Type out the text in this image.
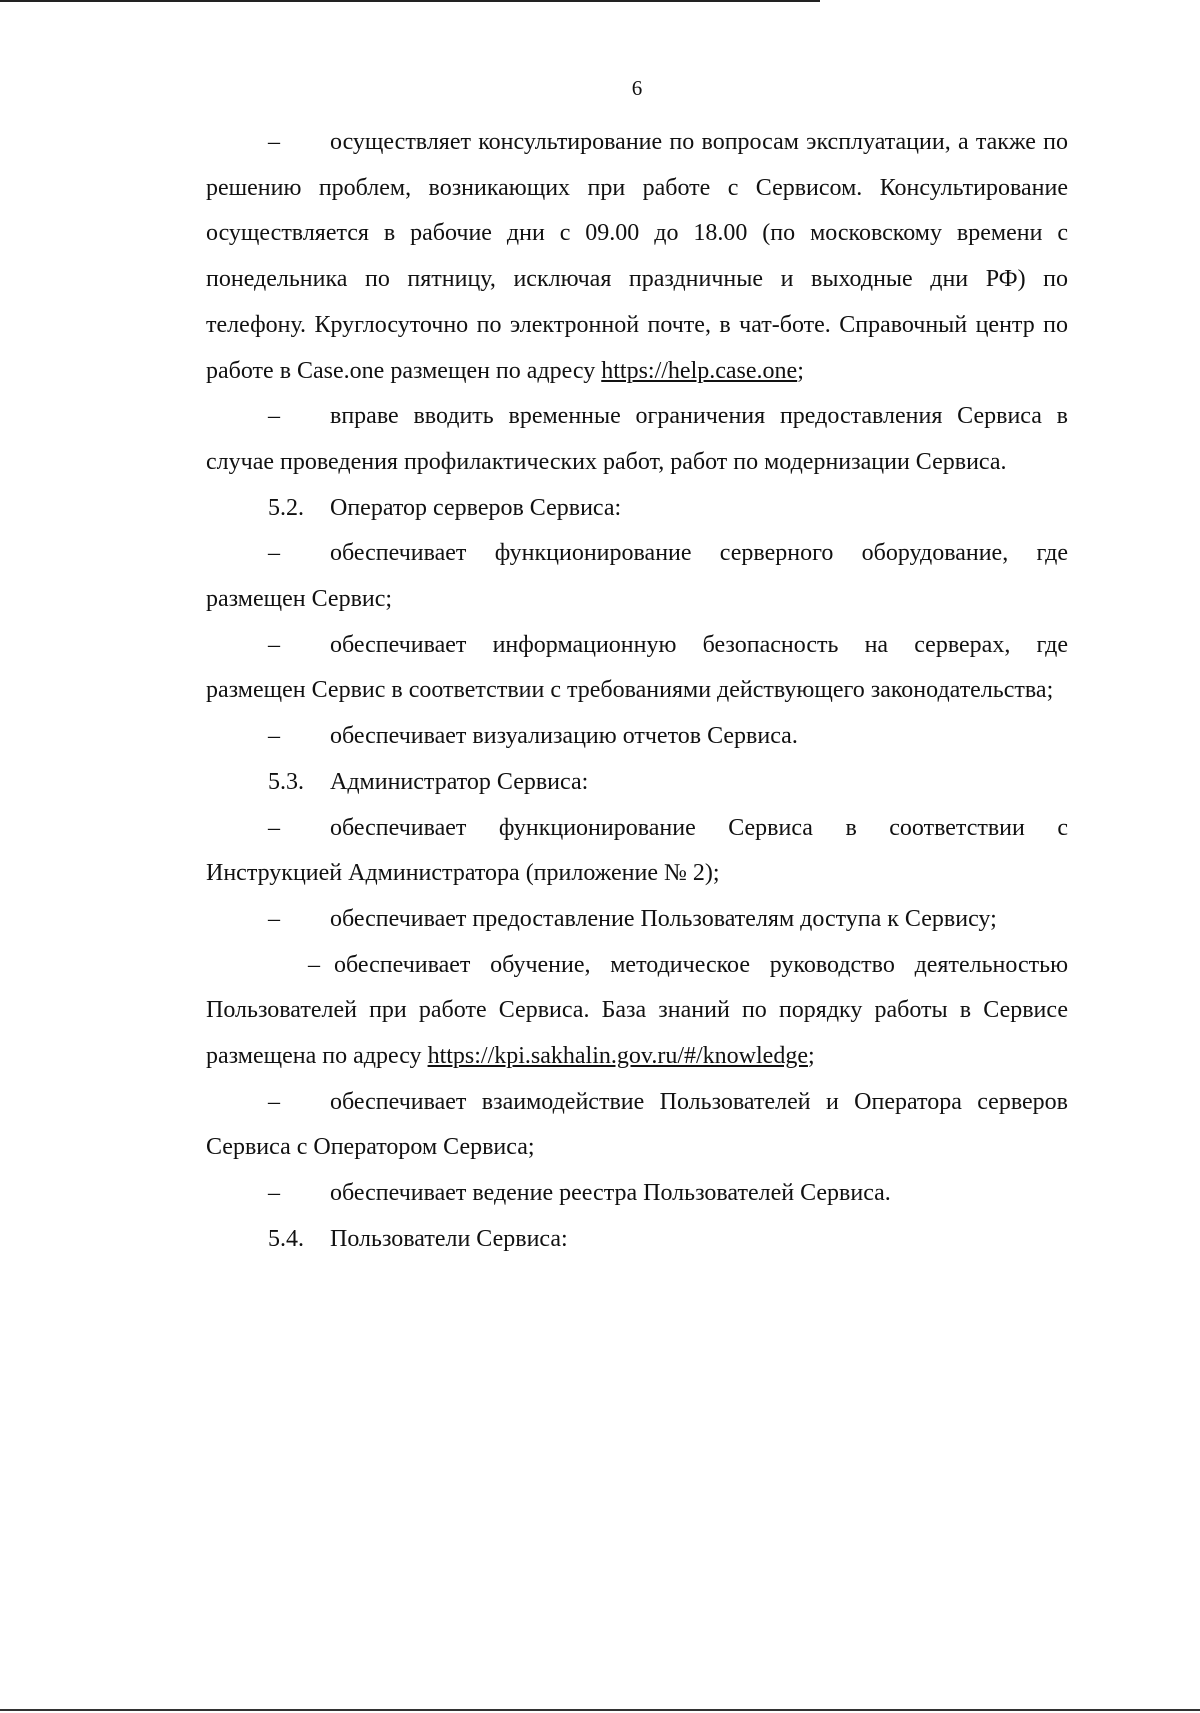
6

– осуществляет консультирование по вопросам эксплуатации, а также по решению проблем, возникающих при работе с Сервисом. Консультирование осуществляется в рабочие дни с 09.00 до 18.00 (по московскому времени с понедельника по пятницу, исключая праздничные и выходные дни РФ) по телефону. Круглосуточно по электронной почте, в чат-боте. Справочный центр по работе в Case.one размещен по адресу https://help.case.one;

– вправе вводить временные ограничения предоставления Сервиса в случае проведения профилактических работ, работ по модернизации Сервиса.

5.2. Оператор серверов Сервиса:

– обеспечивает функционирование серверного оборудование, где размещен Сервис;

– обеспечивает информационную безопасность на серверах, где размещен Сервис в соответствии с требованиями действующего законодательства;

– обеспечивает визуализацию отчетов Сервиса.

5.3. Администратор Сервиса:

– обеспечивает функционирование Сервиса в соответствии с Инструкцией Администратора (приложение № 2);

– обеспечивает предоставление Пользователям доступа к Сервису;

– обеспечивает обучение, методическое руководство деятельностью Пользователей при работе Сервиса. База знаний по порядку работы в Сервисе размещена по адресу https://kpi.sakhalin.gov.ru/#/knowledge;

– обеспечивает взаимодействие Пользователей и Оператора серверов Сервиса с Оператором Сервиса;

– обеспечивает ведение реестра Пользователей Сервиса.

5.4. Пользователи Сервиса:
